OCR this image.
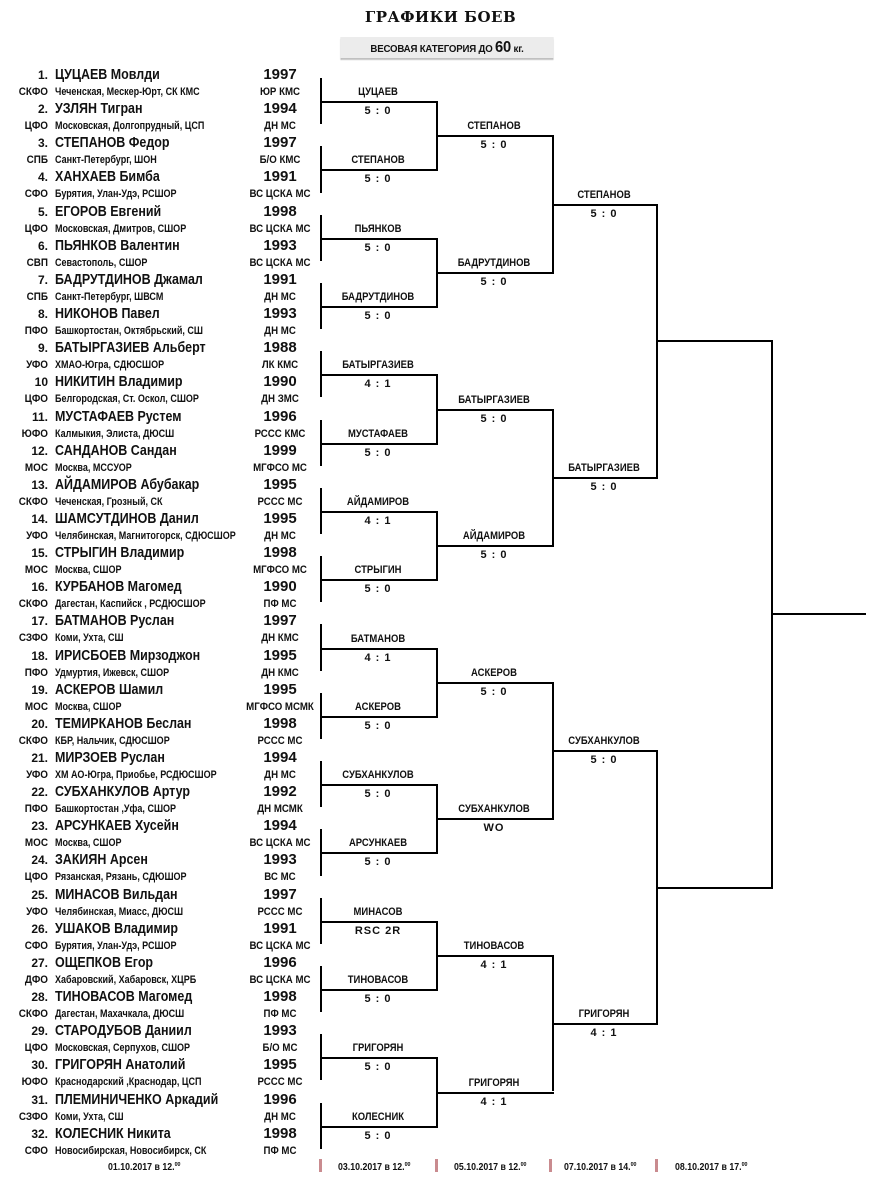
ГРАФИКИ БОЕВ
ВЕСОВАЯ КАТЕГОРИЯ ДО 60 кг.
1. ЦУЦАЕВ Мовлди	1997
СКФО Чеченская, Мескер-Юрт, СК КМС	ЮР КМС
2. УЗЛЯН Тигран	1994
ЦФО Московская, Долгопрудный, ЦСП	ДН МС
3. СТЕПАНОВ Федор	1997
СПБ Санкт-Петербург, ШОН	Б/О КМС
4. ХАНХАЕВ Бимба	1991
СФО Бурятия, Улан-Удэ, РСШОР	ВС ЦСКА МС
5. ЕГОРОВ Евгений	1998
ЦФО Московская, Дмитров, СШОР	ВС ЦСКА МС
6. ПЬЯНКОВ Валентин	1993
СВП Севастополь, СШОР	ВС ЦСКА МС
7. БАДРУТДИНОВ Джамал	1991
СПБ Санкт-Петербург, ШВСМ	ДН МС
8. НИКОНОВ Павел	1993
ПФО Башкортостан, Октябрьский, СШ	ДН МС
9. БАТЫРГАЗИЕВ Альберт	1988
УФО ХМАО-Югра, СДЮСШОР	ЛК КМС
10 НИКИТИН Владимир	1990
ЦФО Белгородская, Ст. Оскол, СШОР	ДН ЗМС
11. МУСТАФАЕВ Рустем	1996
ЮФО Калмыкия, Элиста, ДЮСШ	РССС КМС
12. САНДАНОВ Сандан	1999
МОС Москва, МССУОР	МГФСО МС
13. АЙДАМИРОВ Абубакар	1995
СКФО Чеченская, Грозный, СК	РССС МС
14. ШАМСУТДИНОВ Данил	1995
УФО Челябинская, Магнитогорск, СДЮСШОР	ДН МС
15. СТРЫГИН Владимир	1998
МОС Москва, СШОР	МГФСО МС
16. КУРБАНОВ Магомед	1990
СКФО Дагестан, Каспийск , РСДЮСШОР	ПФ МС
17. БАТМАНОВ Руслан	1997
СЗФО Коми, Ухта, СШ	ДН КМС
18. ИРИСБОЕВ Мирзоджон	1995
ПФО Удмуртия, Ижевск, СШОР	ДН КМС
19. АСКЕРОВ Шамил	1995
МОС Москва, СШОР	МГФСО МСМК
20. ТЕМИРКАНОВ Беслан	1998
СКФО КБР, Нальчик, СДЮСШОР	РССС МС
21. МИРЗОЕВ Руслан	1994
УФО ХМ АО-Югра, Приобье, РСДЮСШОР	ДН МС
22. СУБХАНКУЛОВ Артур	1992
ПФО Башкортостан ,Уфа, СШОР	ДН МСМК
23. АРСУНКАЕВ Хусейн	1994
МОС Москва, СШОР	ВС ЦСКА МС
24. ЗАКИЯН Арсен	1993
ЦФО Рязанская, Рязань, СДЮШОР	ВС МС
25. МИНАСОВ Вильдан	1997
УФО Челябинская, Миасс, ДЮСШ	РССС МС
26. УШАКОВ Владимир	1991
СФО Бурятия, Улан-Удэ, РСШОР	ВС ЦСКА МС
27. ОЩЕПКОВ Егор	1996
ДФО Хабаровский, Хабаровск, ХЦРБ	ВС ЦСКА МС
28. ТИНОВАСОВ Магомед	1998
СКФО Дагестан, Махачкала, ДЮСШ	ПФ МС
29. СТАРОДУБОВ Даниил	1993
ЦФО Московская, Серпухов, СШОР	Б/О МС
30. ГРИГОРЯН Анатолий	1995
ЮФО Краснодарский ,Краснодар, ЦСП	РССС МС
31. ПЛЕМИНИЧЕНКО Аркадий	1996
СЗФО Коми, Ухта, СШ	ДН МС
32. КОЛЕСНИК Никита	1998
СФО Новосибирская, Новосибирск, СК	ПФ МС
ЦУЦАЕВ
5 : 0
СТЕПАНОВ
5 : 0
ПЬЯНКОВ
5 : 0
БАДРУТДИНОВ
5 : 0
БАТЫРГАЗИЕВ
4 : 1
МУСТАФАЕВ
5 : 0
АЙДАМИРОВ
4 : 1
СТРЫГИН
5 : 0
БАТМАНОВ
4 : 1
АСКЕРОВ
5 : 0
СУБХАНКУЛОВ
5 : 0
АРСУНКАЕВ
5 : 0
МИНАСОВ
RSC 2R
ТИНОВАСОВ
5 : 0
ГРИГОРЯН
5 : 0
КОЛЕСНИК
5 : 0
СТЕПАНОВ
5 : 0
БАДРУТДИНОВ
5 : 0
БАТЫРГАЗИЕВ
5 : 0
АЙДАМИРОВ
5 : 0
АСКЕРОВ
5 : 0
СУБХАНКУЛОВ
WO
ТИНОВАСОВ
4 : 1
ГРИГОРЯН
4 : 1
СТЕПАНОВ
5 : 0
БАТЫРГАЗИЕВ
5 : 0
СУБХАНКУЛОВ
5 : 0
ГРИГОРЯН
4 : 1
01.10.2017 в 12.00	03.10.2017 в 12.00	05.10.2017 в 12.00	07.10.2017 в 14.00	08.10.2017 в 17.00
